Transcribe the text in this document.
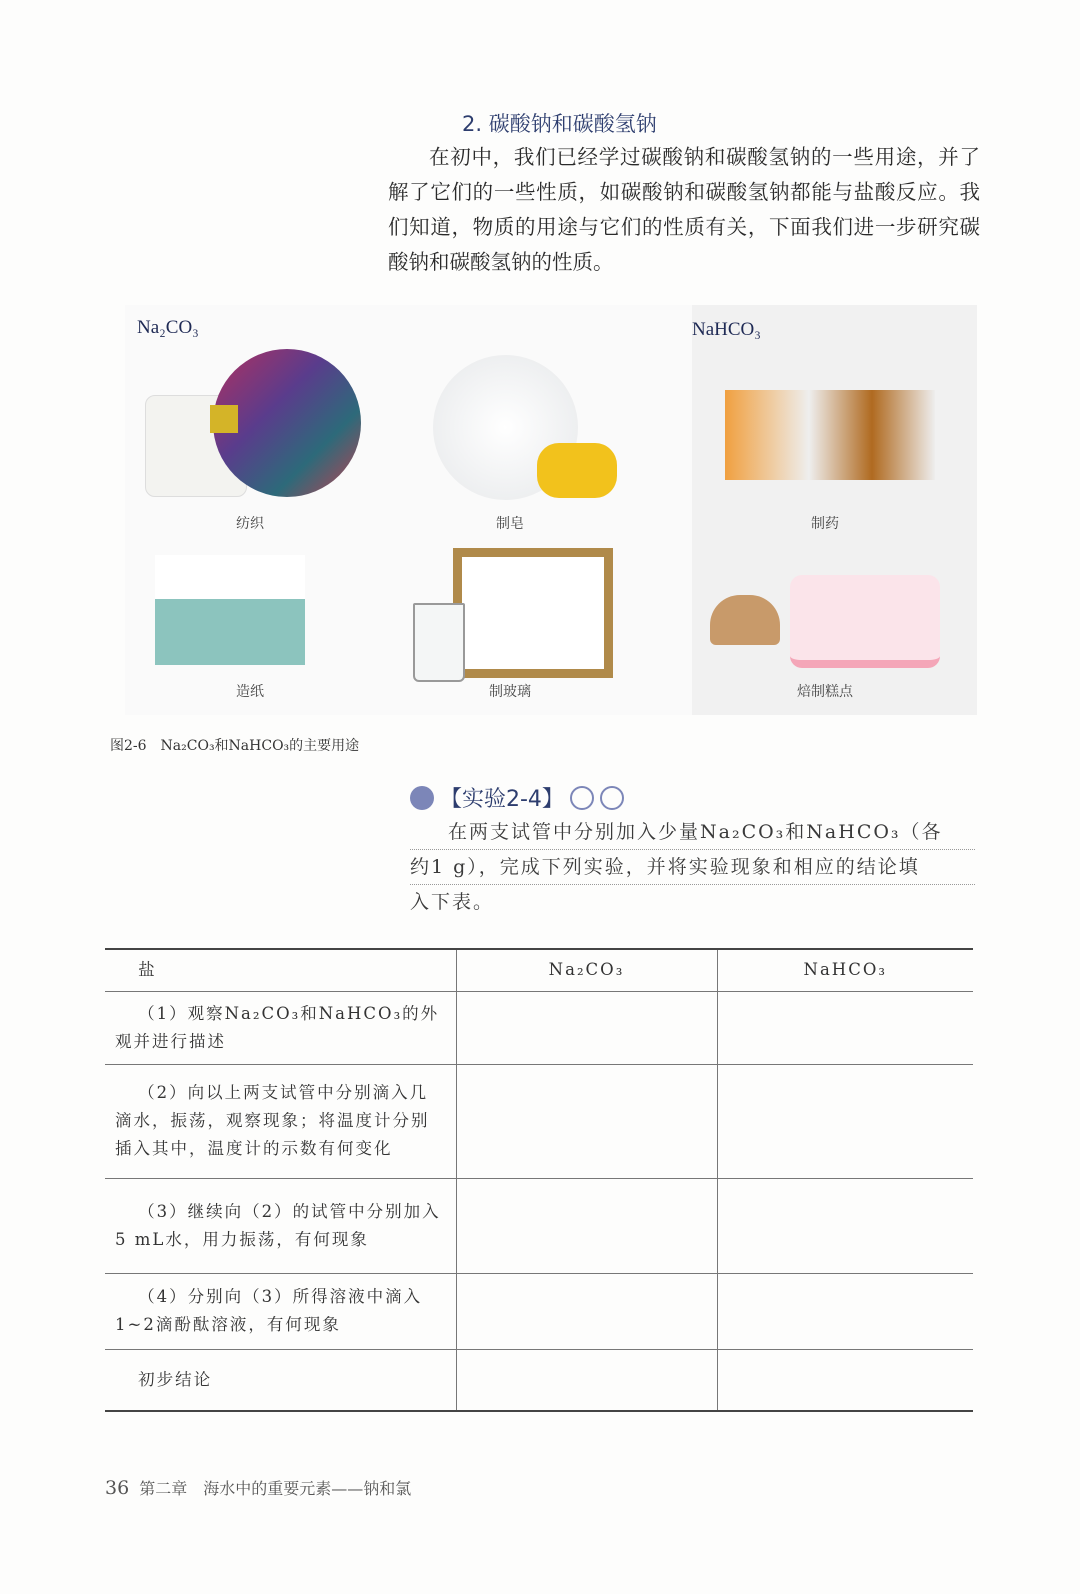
2. 碳酸钠和碳酸氢钠

在初中，我们已经学过碳酸钠和碳酸氢钠的一些用途，并了解了它们的一些性质，如碳酸钠和碳酸氢钠都能与盐酸反应。我们知道，物质的用途与它们的性质有关，下面我们进一步研究碳酸钠和碳酸氢钠的性质。

Na₂CO₃	NaHCO₃
纺织	制皂	制药
造纸	制玻璃	焙制糕点
图2-6　Na₂CO₃和NaHCO₃的主要用途
【实验2-4】
在两支试管中分别加入少量Na₂CO₃和NaHCO₃（各
约1 g），完成下列实验，并将实验现象和相应的结论填
入下表。
盐	Na₂CO₃	NaHCO₃
（1）观察Na₂CO₃和NaHCO₃的外观并进行描述		
（2）向以上两支试管中分别滴入几滴水，振荡，观察现象；将温度计分别插入其中，温度计的示数有何变化		
（3）继续向（2）的试管中分别加入5 mL水，用力振荡，有何现象		
（4）分别向（3）所得溶液中滴入1~2滴酚酞溶液，有何现象		
初步结论		
36 第二章　海水中的重要元素——钠和氯
